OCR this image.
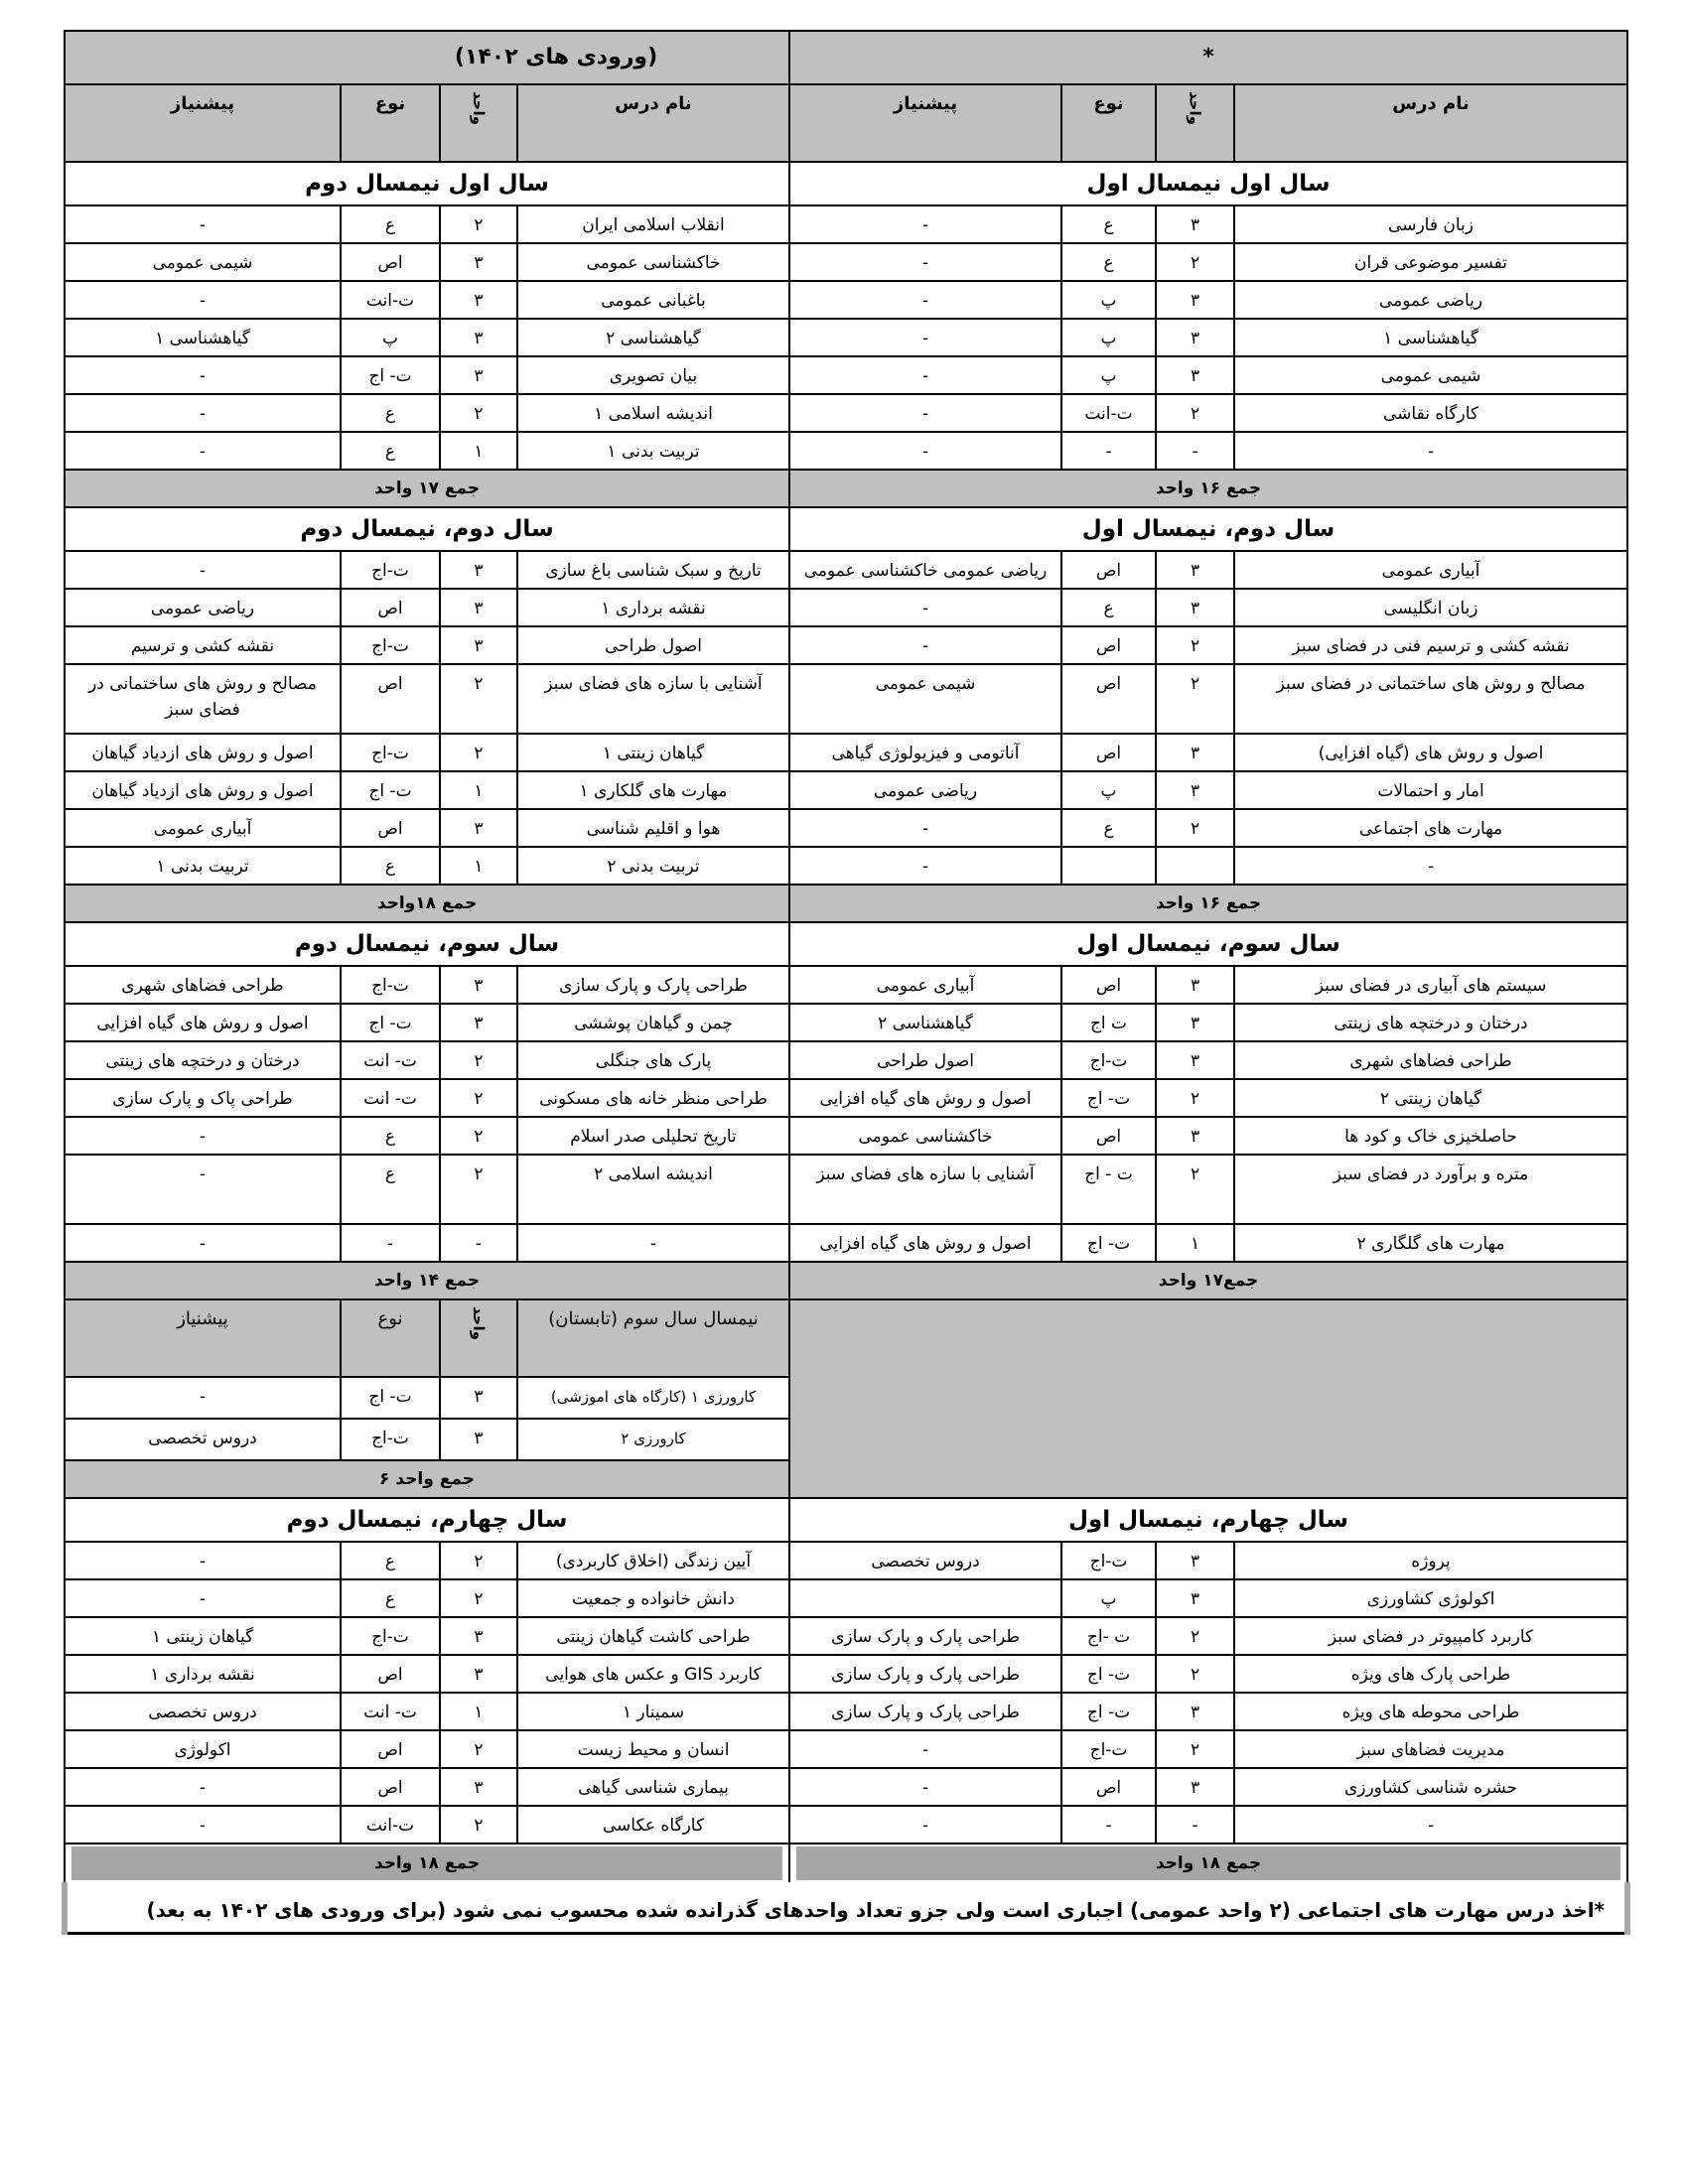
*				(ورودی های ۱۴۰۲)			
نام درس	واحد	نوع	پیشنیاز	نام درس	واحد	نوع	پیشنیاز
سال اول نیمسال اول				سال اول نیمسال دوم			
زبان فارسی	۳	ع	-	انقلاب اسلامی ایران	۲	ع	-
تفسیر موضوعی قران	۲	ع	-	خاکشناسی عمومی	۳	اص	شیمی عمومی
ریاضی عمومی	۳	پ	-	باغبانی عمومی	۳	ت-انت	-
گیاهشناسی ۱	۳	پ	-	گیاهشناسی ۲	۳	پ	گیاهشناسی ۱
شیمی عمومی	۳	پ	-	بیان تصویری	۳	ت- اج	-
کارگاه نقاشی	۲	ت-انت	-	اندیشه اسلامی ۱	۲	ع	-
-	-	-	-	تربیت بدنی ۱	۱	ع	-
جمع ۱۶ واحد				جمع ۱۷ واحد			
سال دوم، نیمسال اول				سال دوم، نیمسال دوم			
آبیاری عمومی	۳	اص	ریاضی عمومی خاکشناسی عمومی	تاریخ و سبک شناسی باغ سازی	۳	ت-اج	-
زبان انگلیسی	۳	ع	-	نقشه برداری ۱	۳	اص	ریاضی عمومی
نقشه کشی و ترسیم فنی در فضای سبز	۲	اص	-	اصول طراحی	۳	ت-اج	نقشه کشی و ترسیم
مصالح و روش های ساختمانی در فضای سبز	۲	اص	شیمی عمومی	آشنایی با سازه های فضای سبز	۲	اص	مصالح و روش های ساختمانی در فضای سبز
اصول و روش های (گیاه افزایی)	۳	اص	آناتومی و فیزیولوژی گیاهی	گیاهان زینتی ۱	۲	ت-اج	اصول و روش های ازدیاد گیاهان
امار و احتمالات	۳	پ	ریاضی عمومی	مهارت های گلکاری ۱	۱	ت- اج	اصول و روش های ازدیاد گیاهان
مهارت های اجتماعی	۲	ع	-	هوا و اقلیم شناسی	۳	اص	آبیاری عمومی
-			-	تربیت بدنی ۲	۱	ع	تربیت بدنی ۱
جمع ۱۶ واحد				جمع ۱۸واحد			
سال سوم، نیمسال اول				سال سوم، نیمسال دوم			
سیستم های آبیاری در فضای سبز	۳	اص	آبیاری عمومی	طراحی پارک و پارک سازی	۳	ت-اج	طراحی فضاهای شهری
درختان و درختچه های زینتی	۳	ت اج	گیاهشناسی ۲	چمن و گیاهان پوششی	۳	ت- اج	اصول و روش های گیاه افزایی
طراحی فضاهای شهری	۳	ت-اج	اصول طراحی	پارک های جنگلی	۲	ت- انت	درختان و درختچه های زینتی
گیاهان زینتی ۲	۲	ت- اج	اصول و روش های گیاه افزایی	طراحی منظر خانه های مسکونی	۲	ت- انت	طراحی پاک و پارک سازی
حاصلخیزی خاک و کود ها	۳	اص	خاکشناسی عمومی	تاریخ تحلیلی صدر اسلام	۲	ع	-
متره و برآورد در فضای سبز	۲	ت - اج	آشنایی با سازه های فضای سبز	اندیشه اسلامی ۲	۲	ع	-
مهارت های گلگاری ۲	۱	ت- اج	اصول و روش های گیاه افزایی	-	-	-	-
جمع۱۷ واحد				جمع ۱۴ واحد			
				نیمسال سال سوم (تابستان)	واحد	نوع	پیشنیاز
				کارورزی ۱ (کارگاه های اموزشی)	۳	ت- اج	-
				کارورزی ۲	۳	ت-اج	دروس تخصصی
				جمع واحد ۶			
سال چهارم، نیمسال اول				سال چهارم، نیمسال دوم			
پروژه	۳	ت-اج	دروس تخصصی	آیین زندگی (اخلاق کاربردی)	۲	ع	-
اکولوژی کشاورزی	۳	پ		دانش خانواده و جمعیت	۲	ع	-
کاربرد کامپیوتر در فضای سبز	۲	ت -اج	طراحی پارک و پارک سازی	طراحی کاشت گیاهان زینتی	۳	ت-اج	گیاهان زینتی ۱
طراحی پارک های ویژه	۲	ت- اج	طراحی پارک و پارک سازی	کاربرد GIS و عکس های هوایی	۳	اص	نقشه برداری ۱
طراحی محوطه های ویژه	۳	ت- اج	طراحی پارک و پارک سازی	سمینار ۱	۱	ت- انت	دروس تخصصی
مدیریت فضاهای سبز	۲	ت-اج	-	انسان و محیط زیست	۲	اص	اکولوژی
حشره شناسی کشاورزی	۳	اص	-	بیماری شناسی گیاهی	۳	اص	-
-	-	-	-	کارگاه عکاسی	۲	ت-انت	-

جمع ۱۸ واحد				جمع ۱۸ واحد			

*اخذ درس مهارت های اجتماعی (۲ واحد عمومی) اجباری است ولی جزو تعداد واحدهای گذرانده شده محسوب نمی شود (برای ورودی های ۱۴۰۲ به بعد)							
